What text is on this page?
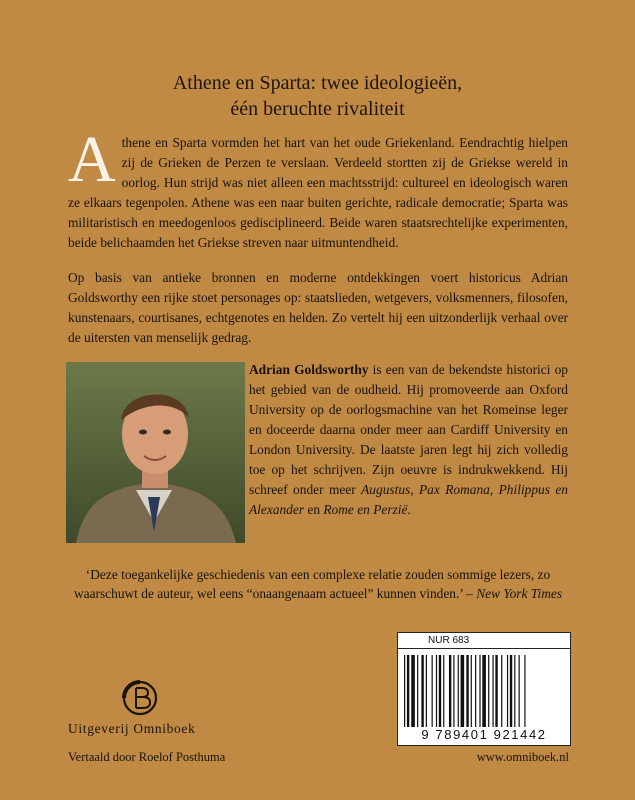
Athene en Sparta: twee ideologieën,
één beruchte rivaliteit
Athene en Sparta vormden het hart van het oude Griekenland. Eendrachtig hielpen zij de Grieken de Perzen te verslaan. Verdeeld stortten zij de Griekse wereld in oorlog. Hun strijd was niet alleen een machtsstrijd: cultureel en ideologisch waren ze elkaars tegenpolen. Athene was een naar buiten gerichte, radicale democratie; Sparta was militaristisch en meedogenloos gedisciplineerd. Beide waren staatsrechtelijke experimenten, beide belichaamden het Griekse streven naar uitmuntendheid.
Op basis van antieke bronnen en moderne ontdekkingen voert historicus Adrian Goldsworthy een rijke stoet personages op: staatslieden, wetgevers, volksmenners, filosofen, kunstenaars, courtisanes, echtgenotes en helden. Zo vertelt hij een uitzonderlijk verhaal over de uitersten van menselijk gedrag.
Adrian Goldsworthy is een van de bekendste historici op het gebied van de oudheid. Hij promoveerde aan Oxford University op de oorlogsmachine van het Romeinse leger en doceerde daarna onder meer aan Cardiff University en London University. De laatste jaren legt hij zich volledig toe op het schrijven. Zijn oeuvre is indrukwekkend. Hij schreef onder meer Augustus, Pax Romana, Philippus en Alexander en Rome en Perzië.
‘Deze toegankelijke geschiedenis van een complexe relatie zouden sommige lezers, zo waarschuwt de auteur, wel eens “onaangenaam actueel” kunnen vinden.’ – New York Times
Uitgeverij Omniboek
Vertaald door Roelof Posthuma
NUR 683
9 789401 921442
www.omniboek.nl
